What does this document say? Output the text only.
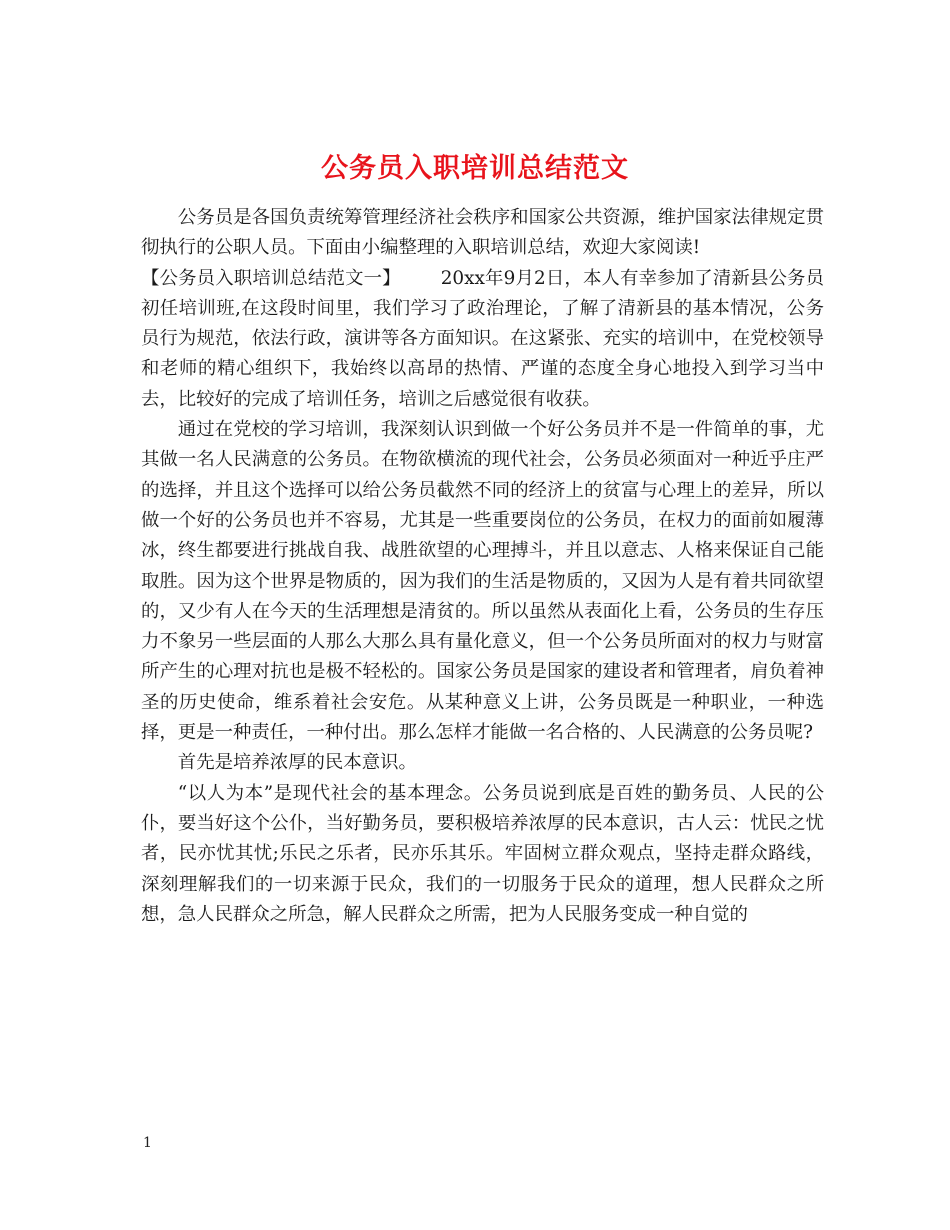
公务员入职培训总结范文

公务员是各国负责统筹管理经济社会秩序和国家公共资源，维护国家法律规定贯彻执行的公职人员。下面由小编整理的入职培训总结，欢迎大家阅读!

【公务员入职培训总结范文一】 20xx年9月2日，本人有幸参加了清新县公务员初任培训班,在这段时间里，我们学习了政治理论，了解了清新县的基本情况，公务员行为规范，依法行政，演讲等各方面知识。在这紧张、充实的培训中，在党校领导和老师的精心组织下，我始终以高昂的热情、严谨的态度全身心地投入到学习当中去，比较好的完成了培训任务，培训之后感觉很有收获。

通过在党校的学习培训，我深刻认识到做一个好公务员并不是一件简单的事，尤其做一名人民满意的公务员。在物欲横流的现代社会，公务员必须面对一种近乎庄严的选择，并且这个选择可以给公务员截然不同的经济上的贫富与心理上的差异，所以做一个好的公务员也并不容易，尤其是一些重要岗位的公务员，在权力的面前如履薄冰，终生都要进行挑战自我、战胜欲望的心理搏斗，并且以意志、人格来保证自己能取胜。因为这个世界是物质的，因为我们的生活是物质的，又因为人是有着共同欲望的，又少有人在今天的生活理想是清贫的。所以虽然从表面化上看，公务员的生存压力不象另一些层面的人那么大那么具有量化意义，但一个公务员所面对的权力与财富所产生的心理对抗也是极不轻松的。国家公务员是国家的建设者和管理者，肩负着神圣的历史使命，维系着社会安危。从某种意义上讲，公务员既是一种职业，一种选择，更是一种责任，一种付出。那么怎样才能做一名合格的、人民满意的公务员呢?

首先是培养浓厚的民本意识。

“以人为本”是现代社会的基本理念。公务员说到底是百姓的勤务员、人民的公仆，要当好这个公仆，当好勤务员，要积极培养浓厚的民本意识，古人云：忧民之忧者，民亦忧其忧;乐民之乐者，民亦乐其乐。牢固树立群众观点，坚持走群众路线，深刻理解我们的一切来源于民众，我们的一切服务于民众的道理，想人民群众之所想，急人民群众之所急，解人民群众之所需，把为人民服务变成一种自觉的

1
